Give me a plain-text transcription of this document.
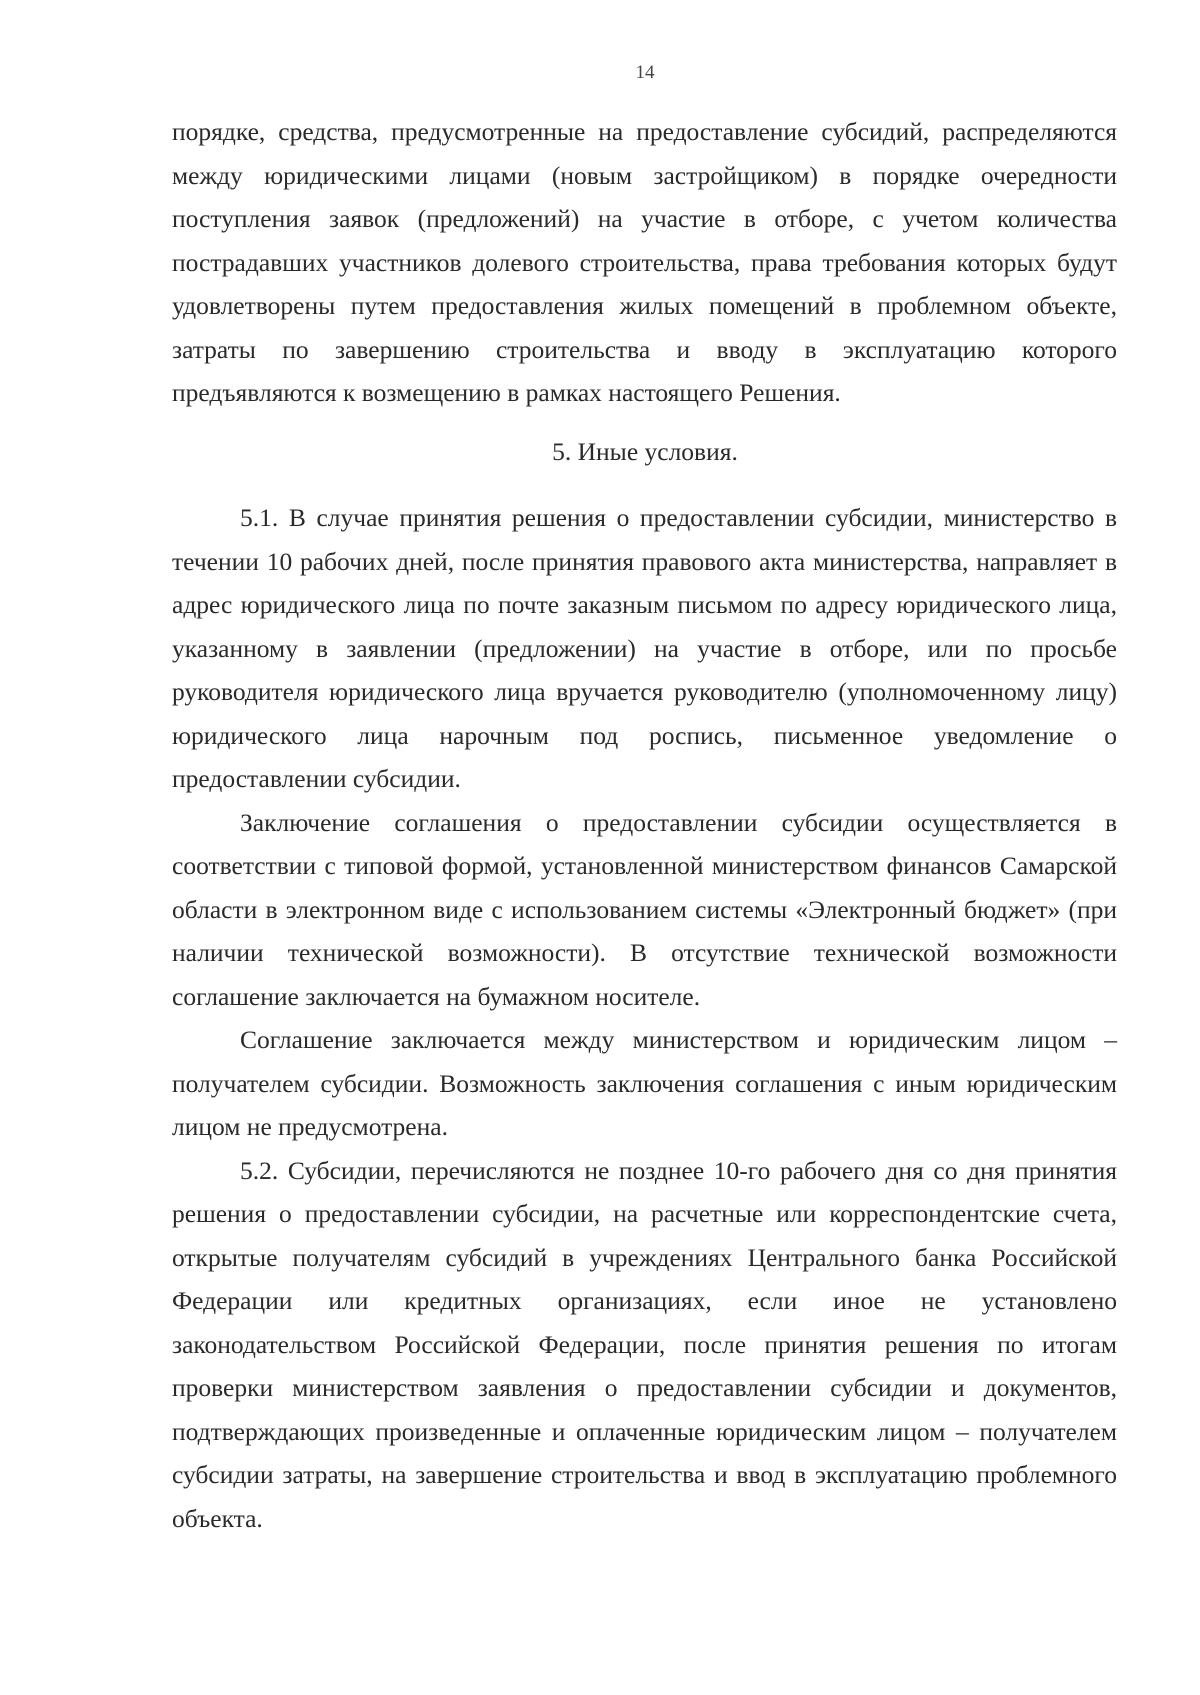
14

порядке, средства, предусмотренные на предоставление субсидий, распределяются между юридическими лицами (новым застройщиком) в порядке очередности поступления заявок (предложений) на участие в отборе, с учетом количества пострадавших участников долевого строительства, права требования которых будут удовлетворены путем предоставления жилых помещений в проблемном объекте, затраты по завершению строительства и вводу в эксплуатацию которого предъявляются к возмещению в рамках настоящего Решения.

5. Иные условия.

5.1. В случае принятия решения о предоставлении субсидии, министерство в течении 10 рабочих дней, после принятия правового акта министерства, направляет в адрес юридического лица по почте заказным письмом по адресу юридического лица, указанному в заявлении (предложении) на участие в отборе, или по просьбе руководителя юридического лица вручается руководителю (уполномоченному лицу) юридического лица нарочным под роспись, письменное уведомление о предоставлении субсидии.

Заключение соглашения о предоставлении субсидии осуществляется в соответствии с типовой формой, установленной министерством финансов Самарской области в электронном виде с использованием системы «Электронный бюджет» (при наличии технической возможности). В отсутствие технической возможности соглашение заключается на бумажном носителе.

Соглашение заключается между министерством и юридическим лицом – получателем субсидии. Возможность заключения соглашения с иным юридическим лицом не предусмотрена.

5.2. Субсидии, перечисляются не позднее 10-го рабочего дня со дня принятия решения о предоставлении субсидии, на расчетные или корреспондентские счета, открытые получателям субсидий в учреждениях Центрального банка Российской Федерации или кредитных организациях, если иное не установлено законодательством Российской Федерации, после принятия решения по итогам проверки министерством заявления о предоставлении субсидии и документов, подтверждающих произведенные и оплаченные юридическим лицом – получателем субсидии затраты, на завершение строительства и ввод в эксплуатацию проблемного объекта.
